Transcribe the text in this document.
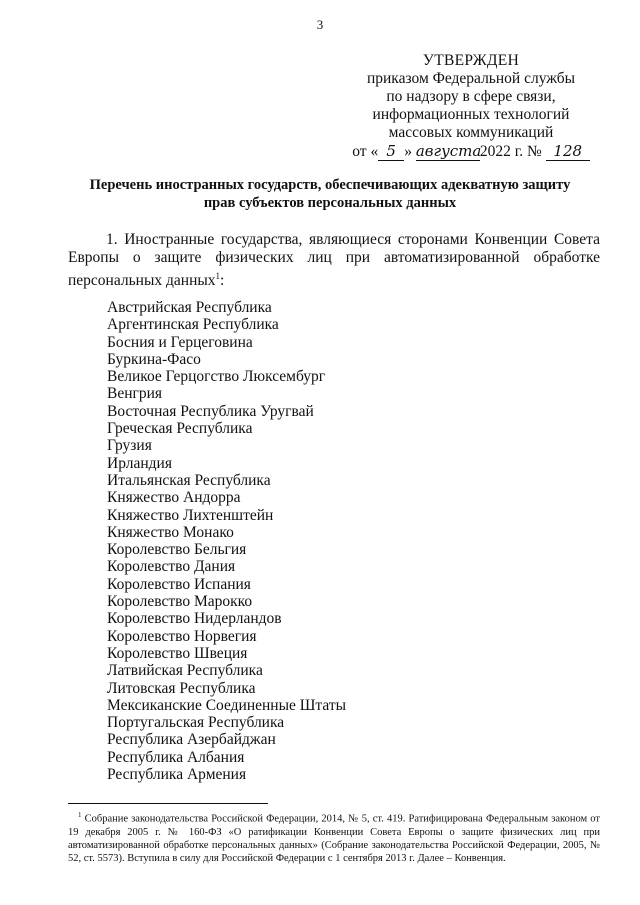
3
УТВЕРЖДЕН
приказом Федеральной службы
по надзору в сфере связи,
информационных технологий
массовых коммуникаций
от « 5 » августа2022 г. № 128
Перечень иностранных государств, обеспечивающих адекватную защиту
прав субъектов персональных данных

1. Иностранные государства, являющиеся сторонами Конвенции Совета Европы о защите физических лиц при автоматизированной обработке персональных данных$^1$:

Австрийская Республика
Аргентинская Республика
Босния и Герцеговина
Буркина-Фасо
Великое Герцогство Люксембург
Венгрия
Восточная Республика Уругвай
Греческая Республика
Грузия
Ирландия
Итальянская Республика
Княжество Андорра
Княжество Лихтенштейн
Княжество Монако
Королевство Бельгия
Королевство Дания
Королевство Испания
Королевство Марокко
Королевство Нидерландов
Королевство Норвегия
Королевство Швеция
Латвийская Республика
Литовская Республика
Мексиканские Соединенные Штаты
Португальская Республика
Республика Азербайджан
Республика Албания
Республика Армения

$^1$ Собрание законодательства Российской Федерации, 2014, № 5, ст. 419. Ратифицирована Федеральным законом от 19 декабря 2005 г. № 160-ФЗ «О ратификации Конвенции Совета Европы о защите физических лиц при автоматизированной обработке персональных данных» (Собрание законодательства Российской Федерации, 2005, № 52, ст. 5573). Вступила в силу для Российской Федерации с 1 сентября 2013 г. Далее – Конвенция.
